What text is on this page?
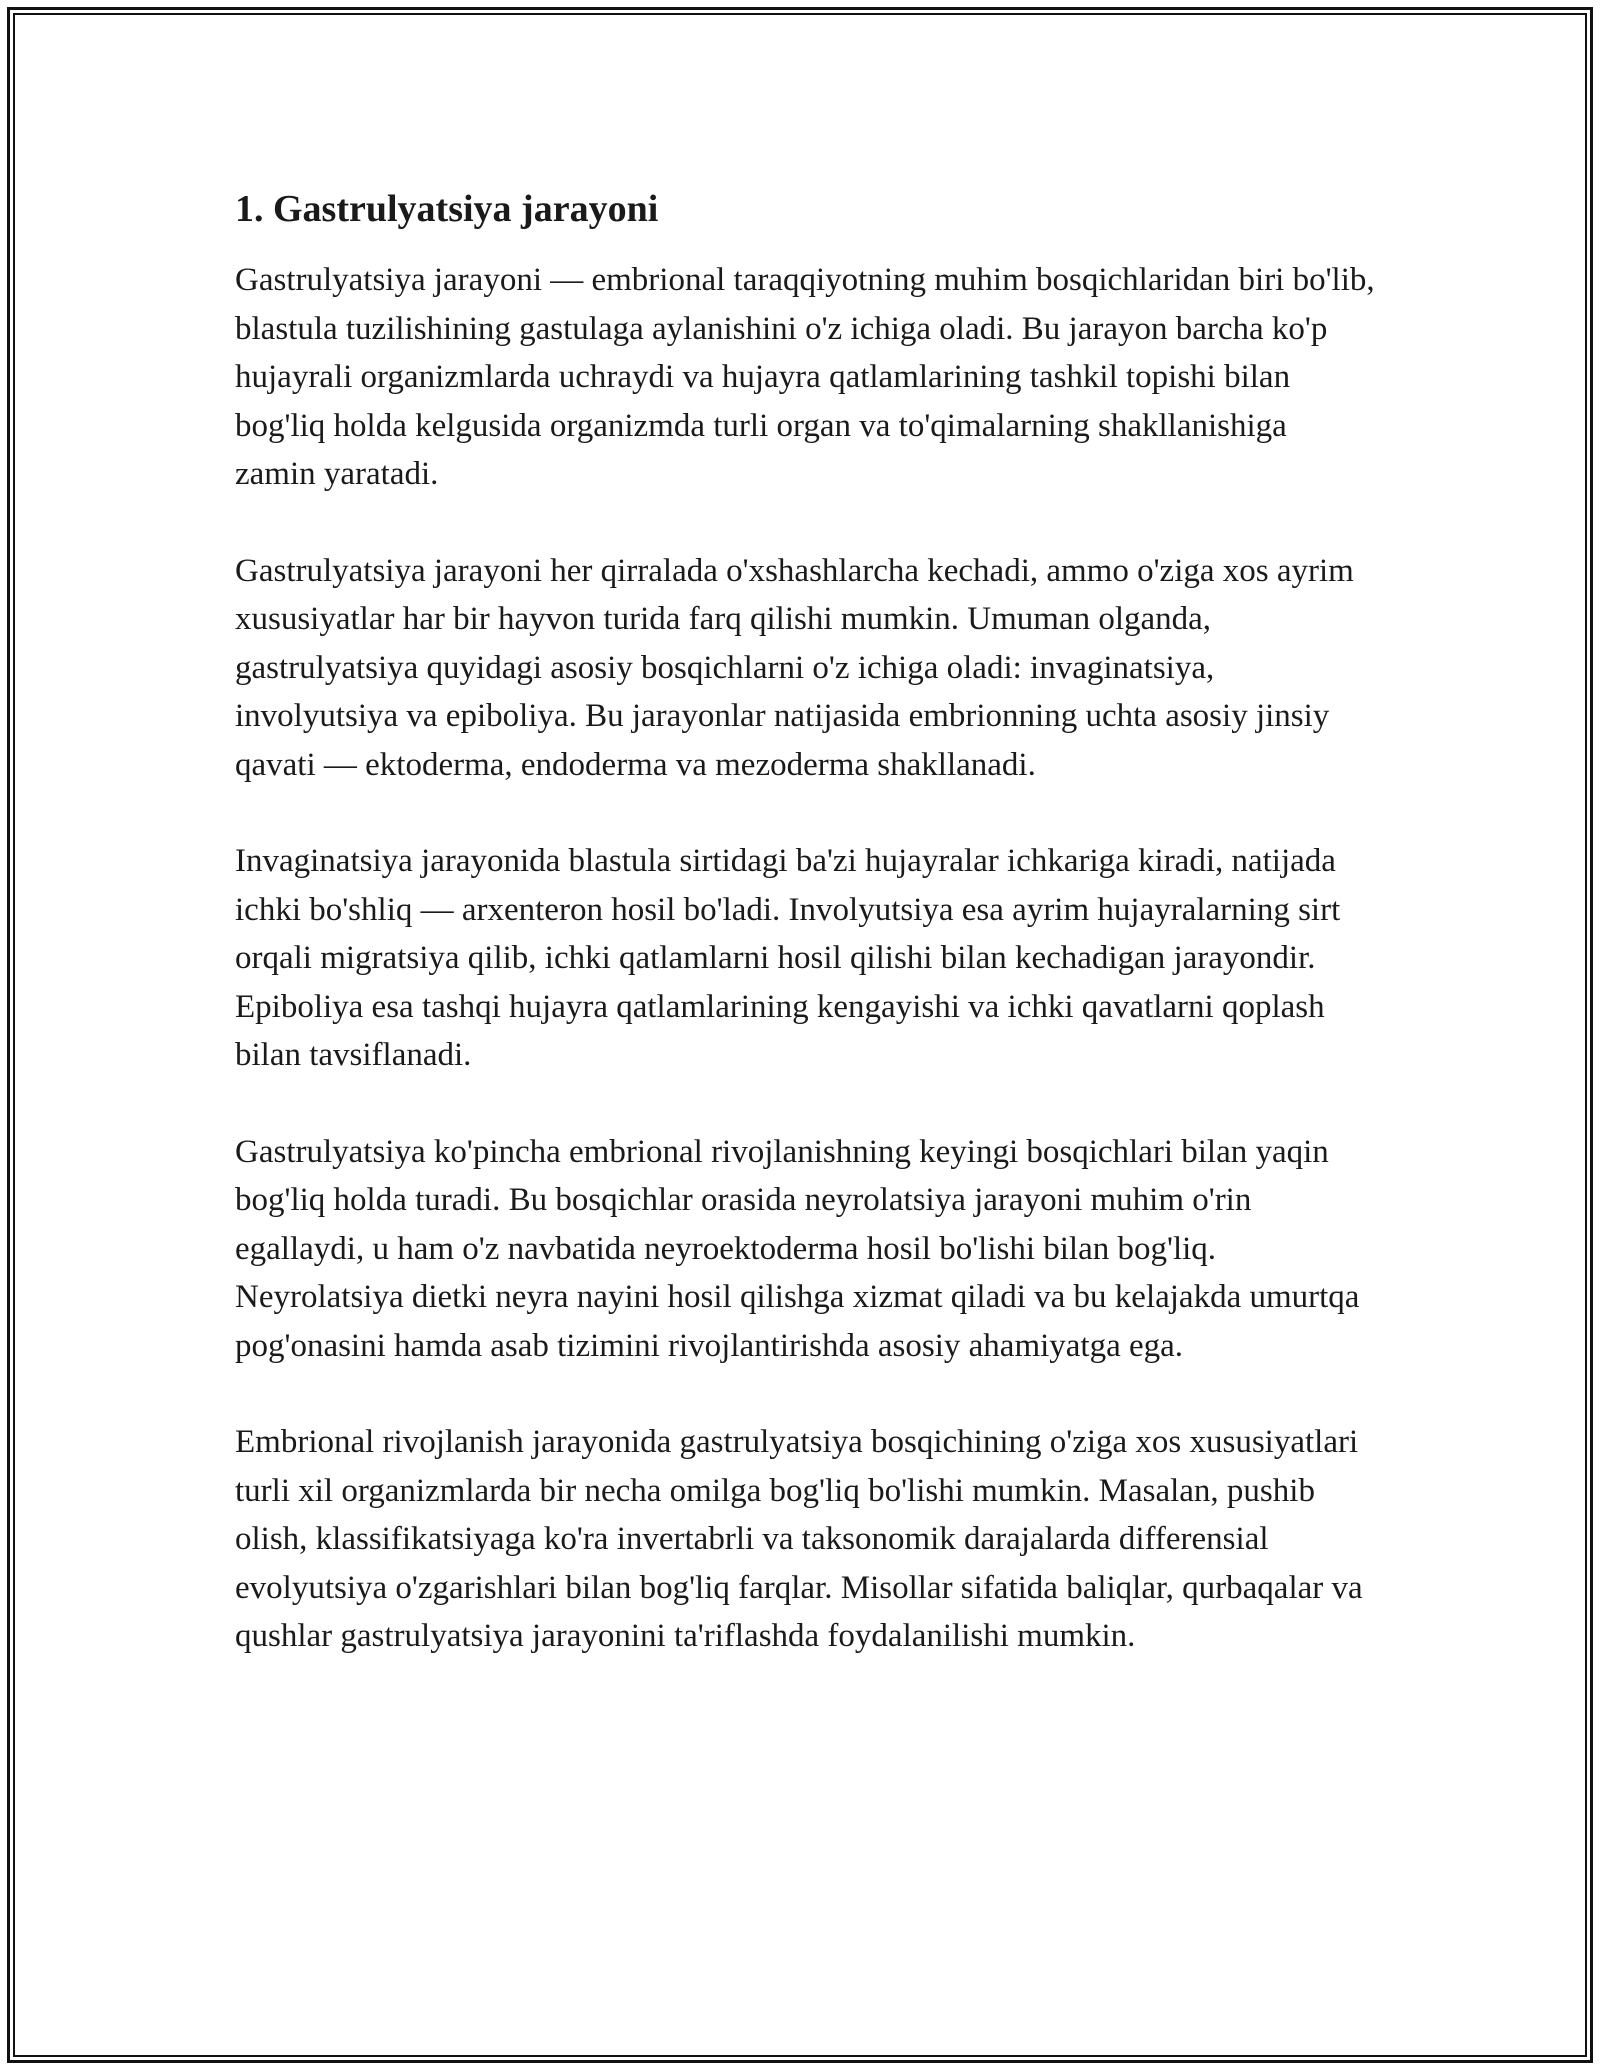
1. Gastrulyatsiya jarayoni

Gastrulyatsiya jarayoni — embrional taraqqiyotning muhim bosqichlaridan biri bo'lib, blastula tuzilishining gastulaga aylanishini o'z ichiga oladi. Bu jarayon barcha ko'p hujayrali organizmlarda uchraydi va hujayra qatlamlarining tashkil topishi bilan bog'liq holda kelgusida organizmda turli organ va to'qimalarning shakllanishiga zamin yaratadi.

Gastrulyatsiya jarayoni her qirralada o'xshashlarcha kechadi, ammo o'ziga xos ayrim xususiyatlar har bir hayvon turida farq qilishi mumkin. Umuman olganda, gastrulyatsiya quyidagi asosiy bosqichlarni o'z ichiga oladi: invaginatsiya, involyutsiya va epiboliya. Bu jarayonlar natijasida embrionning uchta asosiy jinsiy qavati — ektoderma, endoderma va mezoderma shakllanadi.

Invaginatsiya jarayonida blastula sirtidagi ba'zi hujayralar ichkariga kiradi, natijada ichki bo'shliq — arxenteron hosil bo'ladi. Involyutsiya esa ayrim hujayralarning sirt orqali migratsiya qilib, ichki qatlamlarni hosil qilishi bilan kechadigan jarayondir. Epiboliya esa tashqi hujayra qatlamlarining kengayishi va ichki qavatlarni qoplash bilan tavsiflanadi.

Gastrulyatsiya ko'pincha embrional rivojlanishning keyingi bosqichlari bilan yaqin bog'liq holda turadi. Bu bosqichlar orasida neyrolatsiya jarayoni muhim o'rin egallaydi, u ham o'z navbatida neyroektoderma hosil bo'lishi bilan bog'liq. Neyrolatsiya dietki neyra nayini hosil qilishga xizmat qiladi va bu kelajakda umurtqa pog'onasini hamda asab tizimini rivojlantirishda asosiy ahamiyatga ega.

Embrional rivojlanish jarayonida gastrulyatsiya bosqichining o'ziga xos xususiyatlari turli xil organizmlarda bir necha omilga bog'liq bo'lishi mumkin. Masalan, pushib olish, klassifikatsiyaga ko'ra invertabrli va taksonomik darajalarda differensial evolyutsiya o'zgarishlari bilan bog'liq farqlar. Misollar sifatida baliqlar, qurbaqalar va qushlar gastrulyatsiya jarayonini ta'riflashda foydalanilishi mumkin.
